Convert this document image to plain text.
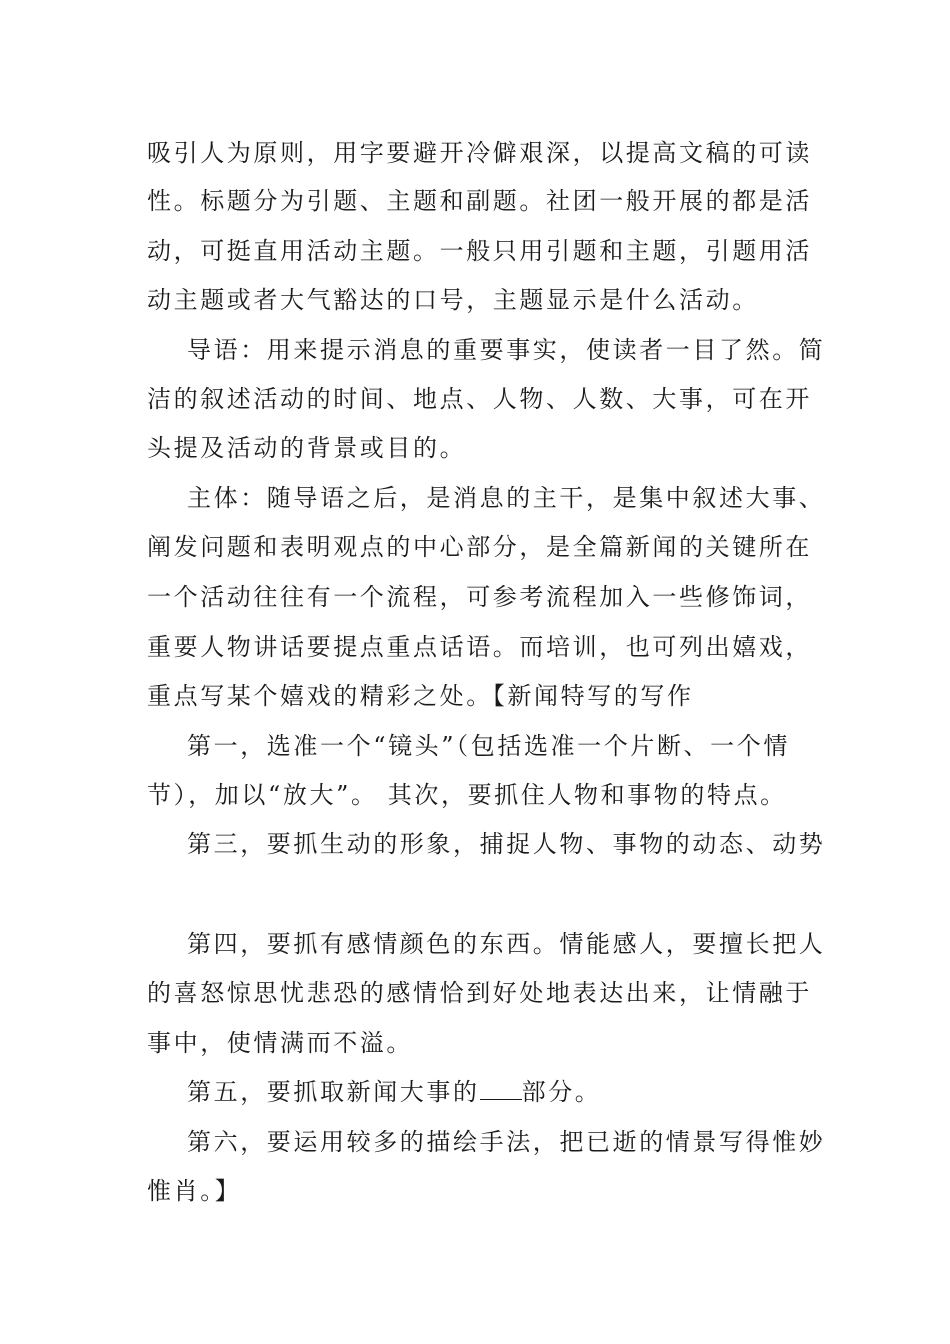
吸引人为原则，用字要避开冷僻艰深，以提高文稿的可读
性。标题分为引题、主题和副题。社团一般开展的都是活
动，可挺直用活动主题。一般只用引题和主题，引题用活
动主题或者大气豁达的口号，主题显示是什么活动。
导语：用来提示消息的重要事实，使读者一目了然。简
洁的叙述活动的时间、地点、人物、人数、大事，可在开
头提及活动的背景或目的。
主体：随导语之后，是消息的主干，是集中叙述大事、
阐发问题和表明观点的中心部分，是全篇新闻的关键所在
一个活动往往有一个流程，可参考流程加入一些修饰词，
重要人物讲话要提点重点话语。而培训，也可列出嬉戏，
重点写某个嬉戏的精彩之处。【新闻特写的写作
第一，选准一个“镜头”（包括选准一个片断、一个情
节），加以“放大”。 其次，要抓住人物和事物的特点。
第三，要抓生动的形象，捕捉人物、事物的动态、动势
第四，要抓有感情颜色的东西。情能感人，要擅长把人
的喜怒惊思忧悲恐的感情恰到好处地表达出来，让情融于
事中，使情满而不溢。
第五，要抓取新闻大事的 部分。
第六，要运用较多的描绘手法，把已逝的情景写得惟妙
惟肖。】
